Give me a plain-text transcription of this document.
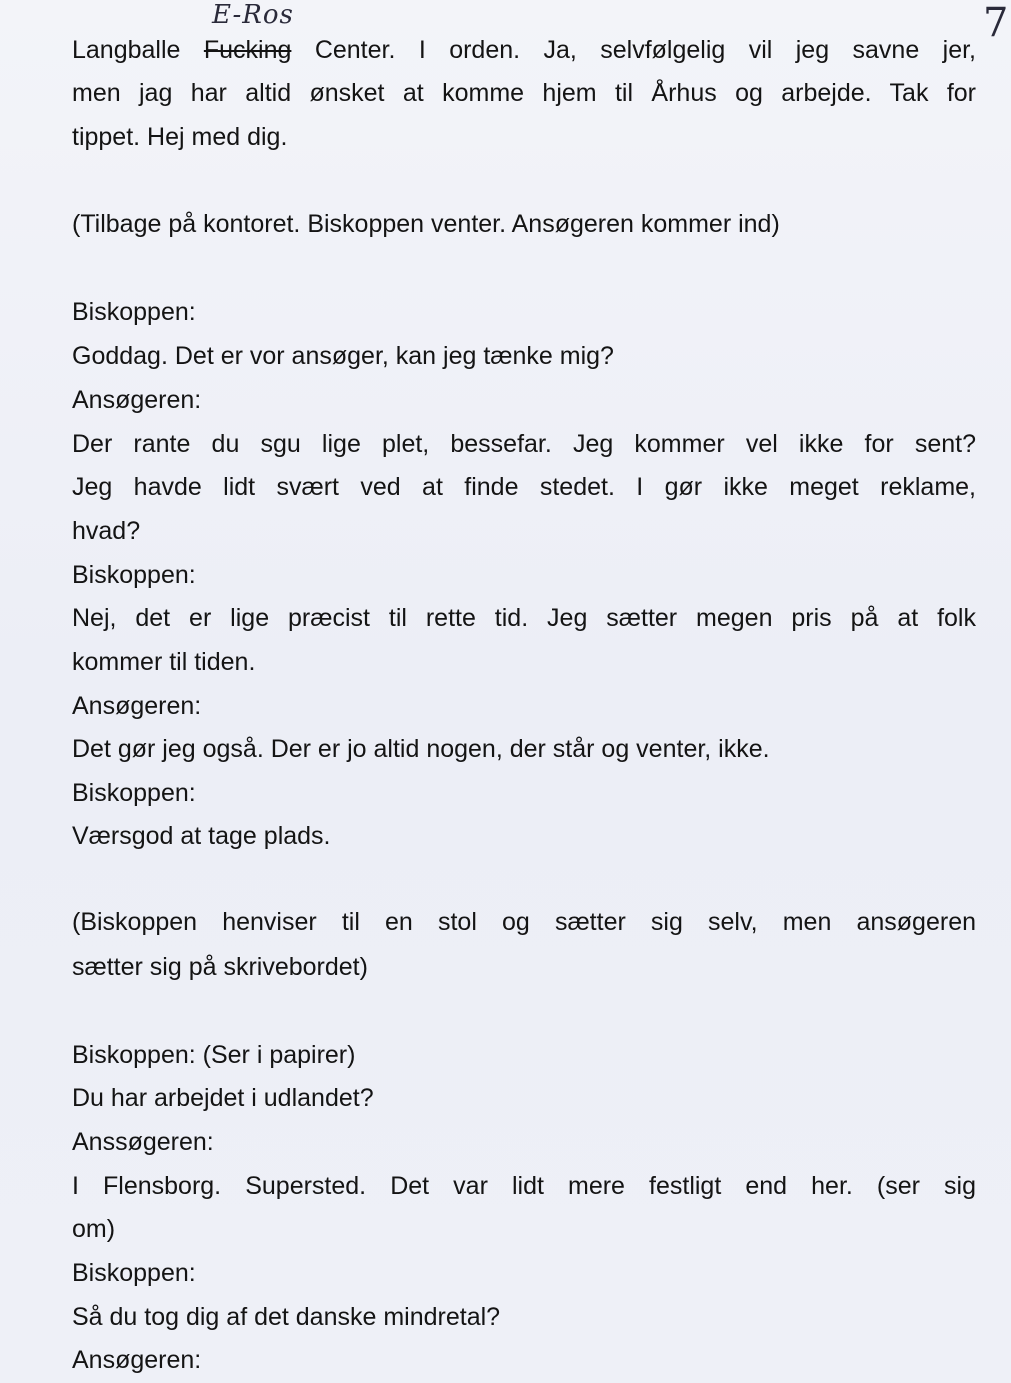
E-Ros	7

Langballe Fucking Center. I orden. Ja, selvfølgelig vil jeg savne jer,

men jag har altid ønsket at komme hjem til Århus og arbejde. Tak for

tippet. Hej med dig.

(Tilbage på kontoret. Biskoppen venter. Ansøgeren kommer ind)

Biskoppen:

Goddag. Det er vor ansøger, kan jeg tænke mig?

Ansøgeren:

Der rante du sgu lige plet, bessefar. Jeg kommer vel ikke for sent?

Jeg havde lidt svært ved at finde stedet. I gør ikke meget reklame,

hvad?

Biskoppen:

Nej, det er lige præcist til rette tid. Jeg sætter megen pris på at folk

kommer til tiden.

Ansøgeren:

Det gør jeg også. Der er jo altid nogen, der står og venter, ikke.

Biskoppen:

Værsgod at tage plads.

(Biskoppen henviser til en stol og sætter sig selv, men ansøgeren

sætter sig på skrivebordet)

Biskoppen: (Ser i papirer)

Du har arbejdet i udlandet?

Anssøgeren:

I Flensborg. Supersted. Det var lidt mere festligt end her. (ser sig

om)

Biskoppen:

Så du tog dig af det danske mindretal?

Ansøgeren:
